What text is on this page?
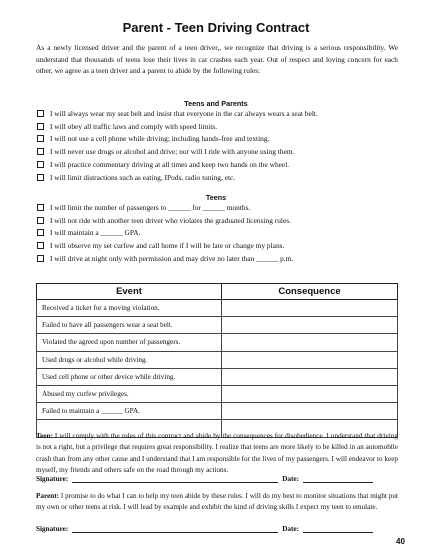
Parent - Teen Driving Contract
As a newly licensed driver and the parent of a teen driver,, we recognize that driving is a serious responsibility. We understand that thousands of teens lose their lives in car crashes each year. Out of respect and loving concern for each other, we agree as a teen driver and a parent to abide by the following rules:
Teens and Parents
I will always wear my seat belt and insist that everyone in the car always wears a seat belt.
I will obey all traffic laws and comply with speed limits.
I will not use a cell phone while driving; including hands-free and texting.
I will never use drugs or alcohol and drive; nor will I ride with anyone using them.
I will practice commentary driving at all times and keep two hands on the wheel.
I will limit distractions such as eating, IPods, radio tuning, etc.
Teens
I will limit the number of passengers to ______ for ______ months.
I will not ride with another teen driver who violates the graduated licensing rules.
I will maintain a ______ GPA.
I will observe my set curfew and call home if I will be late or change my plans.
I will drive at night only with permission and may drive no later than ______ p.m.
Event	Consequence
Received a ticket for a moving violation.	
Failed to have all passengers wear a seat belt.	
Violated the agreed upon number of passengers.	
Used drugs or alcohol while driving.	
Used cell phone or other device while driving.	
Abused my curfew privileges.	
Failed to maintain a ______ GPA.	

Teen: I will comply with the rules of this contract and abide by the consequences for disobedience. I understand that driving is not a right, but a privilege that requires great responsibility. I realize that teens are more likely to be killed in an automobile crash than from any other cause and I understand that I am responsible for the lives of my passengers. I will endeavor to keep myself, my friends and others safe on the road through my actions.
Signature:	Date:
Parent: I promise to do what I can to help my teen abide by these rules. I will do my best to monitor situations that might put my own or other teens at risk. I will lead by example and exhibit the kind of driving skills I expect my teen to emulate.
Signature:	Date:
40
